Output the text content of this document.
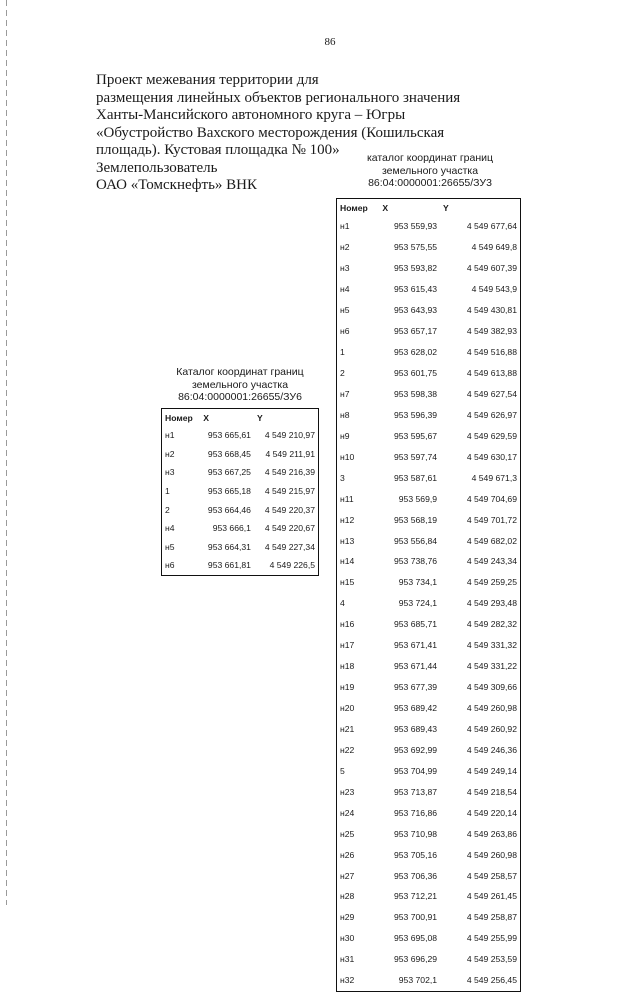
86
Проект межевания территории для
размещения линейных объектов регионального значения
Ханты-Мансийского автономного круга – Югры
«Обустройство Вахского месторождения (Кошильская
площадь). Кустовая площадка № 100»
Землепользователь
ОАО «Томскнефть» ВНК
каталог координат границ
земельного участка
86:04:0000001:26655/ЗУ3
Номер	X	Y
н1	953 559,93	4 549 677,64
н2	953 575,55	4 549 649,8
н3	953 593,82	4 549 607,39
н4	953 615,43	4 549 543,9
н5	953 643,93	4 549 430,81
н6	953 657,17	4 549 382,93
1	953 628,02	4 549 516,88
2	953 601,75	4 549 613,88
н7	953 598,38	4 549 627,54
н8	953 596,39	4 549 626,97
н9	953 595,67	4 549 629,59
н10	953 597,74	4 549 630,17
3	953 587,61	4 549 671,3
н11	953 569,9	4 549 704,69
н12	953 568,19	4 549 701,72
н13	953 556,84	4 549 682,02
н14	953 738,76	4 549 243,34
н15	953 734,1	4 549 259,25
4	953 724,1	4 549 293,48
н16	953 685,71	4 549 282,32
н17	953 671,41	4 549 331,32
н18	953 671,44	4 549 331,22
н19	953 677,39	4 549 309,66
н20	953 689,42	4 549 260,98
н21	953 689,43	4 549 260,92
н22	953 692,99	4 549 246,36
5	953 704,99	4 549 249,14
н23	953 713,87	4 549 218,54
н24	953 716,86	4 549 220,14
н25	953 710,98	4 549 263,86
н26	953 705,16	4 549 260,98
н27	953 706,36	4 549 258,57
н28	953 712,21	4 549 261,45
н29	953 700,91	4 549 258,87
н30	953 695,08	4 549 255,99
н31	953 696,29	4 549 253,59
н32	953 702,1	4 549 256,45
Каталог координат границ
земельного участка
86:04:0000001:26655/ЗУ6
Номер	X	Y
н1	953 665,61	4 549 210,97
н2	953 668,45	4 549 211,91
н3	953 667,25	4 549 216,39
1	953 665,18	4 549 215,97
2	953 664,46	4 549 220,37
н4	953 666,1	4 549 220,67
н5	953 664,31	4 549 227,34
н6	953 661,81	4 549 226,5
